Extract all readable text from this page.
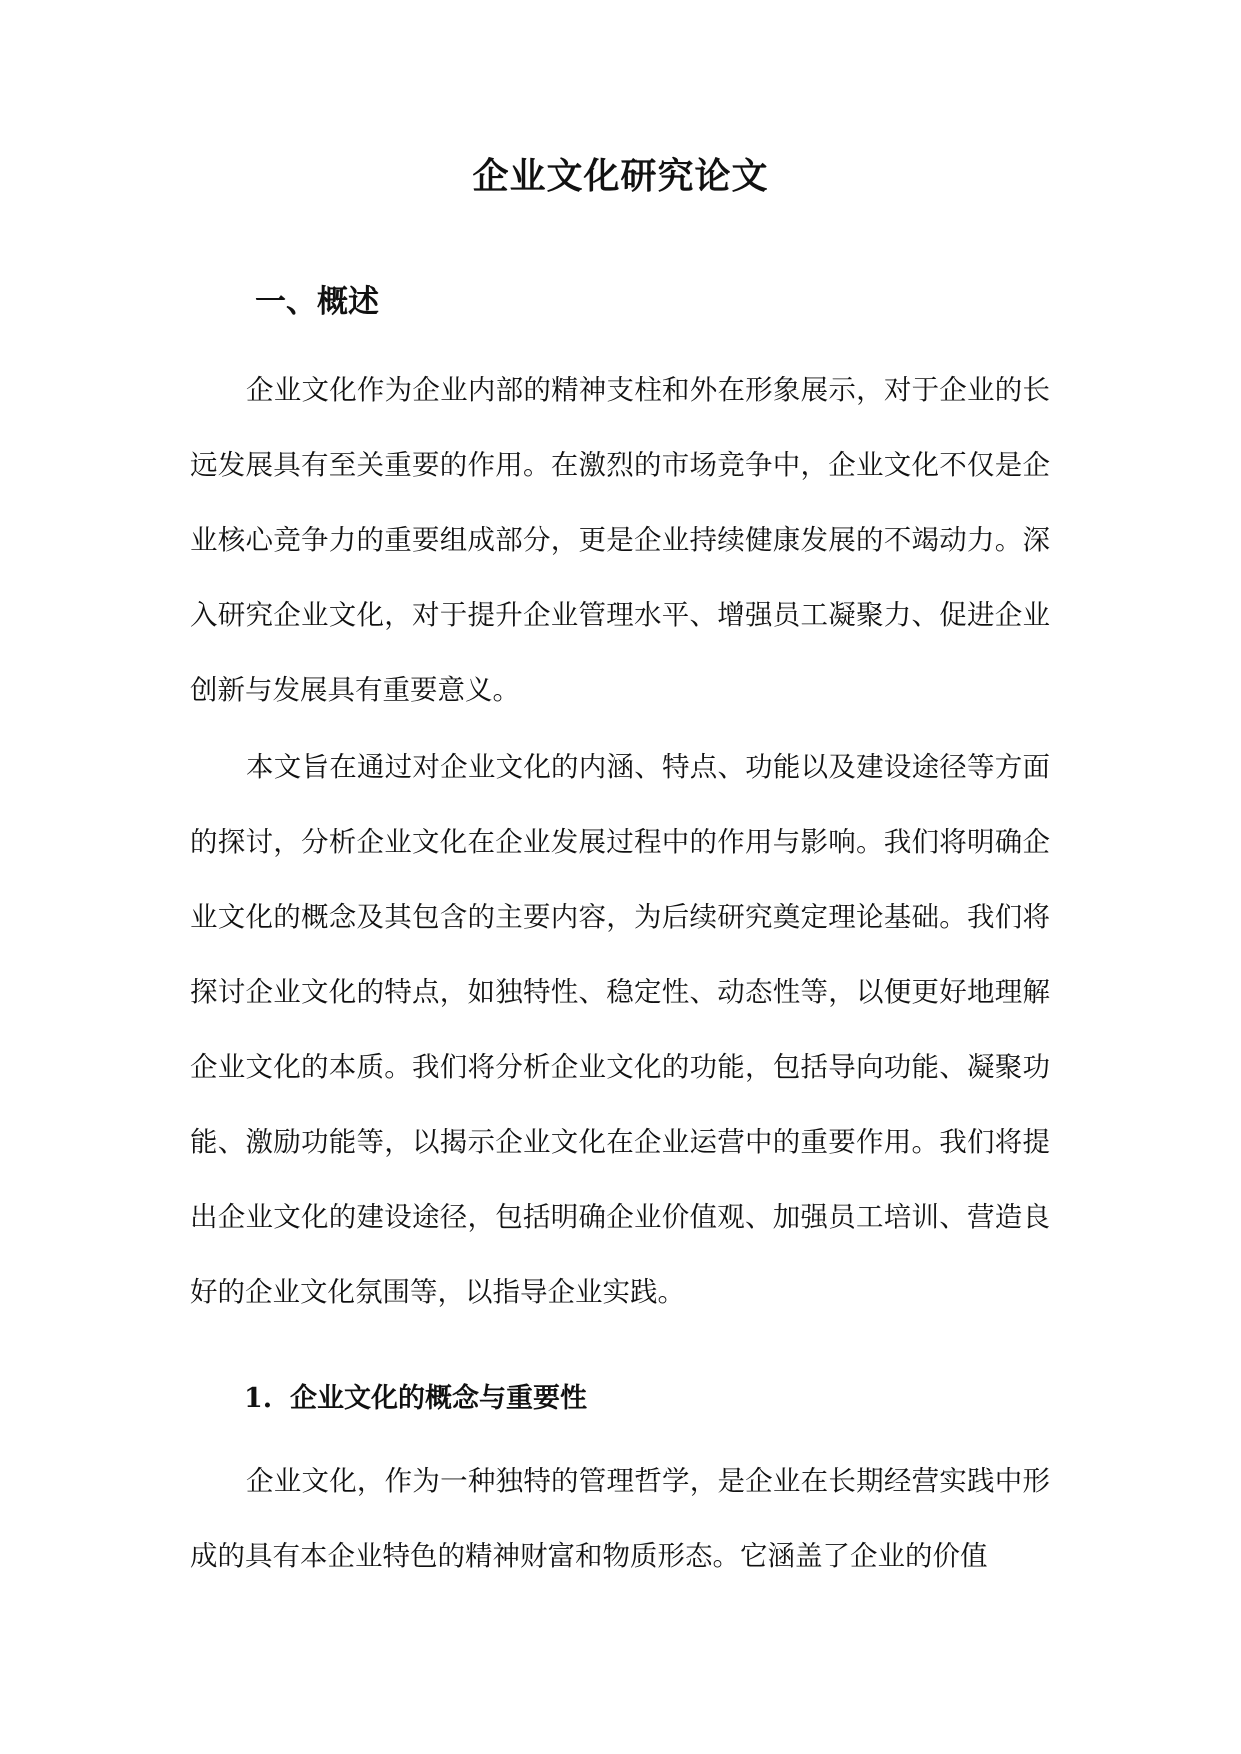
企业文化研究论文
一、概述

企业文化作为企业内部的精神支柱和外在形象展示，对于企业的长远发展具有至关重要的作用。在激烈的市场竞争中，企业文化不仅是企业核心竞争力的重要组成部分，更是企业持续健康发展的不竭动力。深入研究企业文化，对于提升企业管理水平、增强员工凝聚力、促进企业创新与发展具有重要意义。

本文旨在通过对企业文化的内涵、特点、功能以及建设途径等方面的探讨，分析企业文化在企业发展过程中的作用与影响。我们将明确企业文化的概念及其包含的主要内容，为后续研究奠定理论基础。我们将探讨企业文化的特点，如独特性、稳定性、动态性等，以便更好地理解企业文化的本质。我们将分析企业文化的功能，包括导向功能、凝聚功能、激励功能等，以揭示企业文化在企业运营中的重要作用。我们将提出企业文化的建设途径，包括明确企业价值观、加强员工培训、营造良好的企业文化氛围等，以指导企业实践。

1. 企业文化的概念与重要性

企业文化，作为一种独特的管理哲学，是企业在长期经营实践中形成的具有本企业特色的精神财富和物质形态。它涵盖了企业的价值
